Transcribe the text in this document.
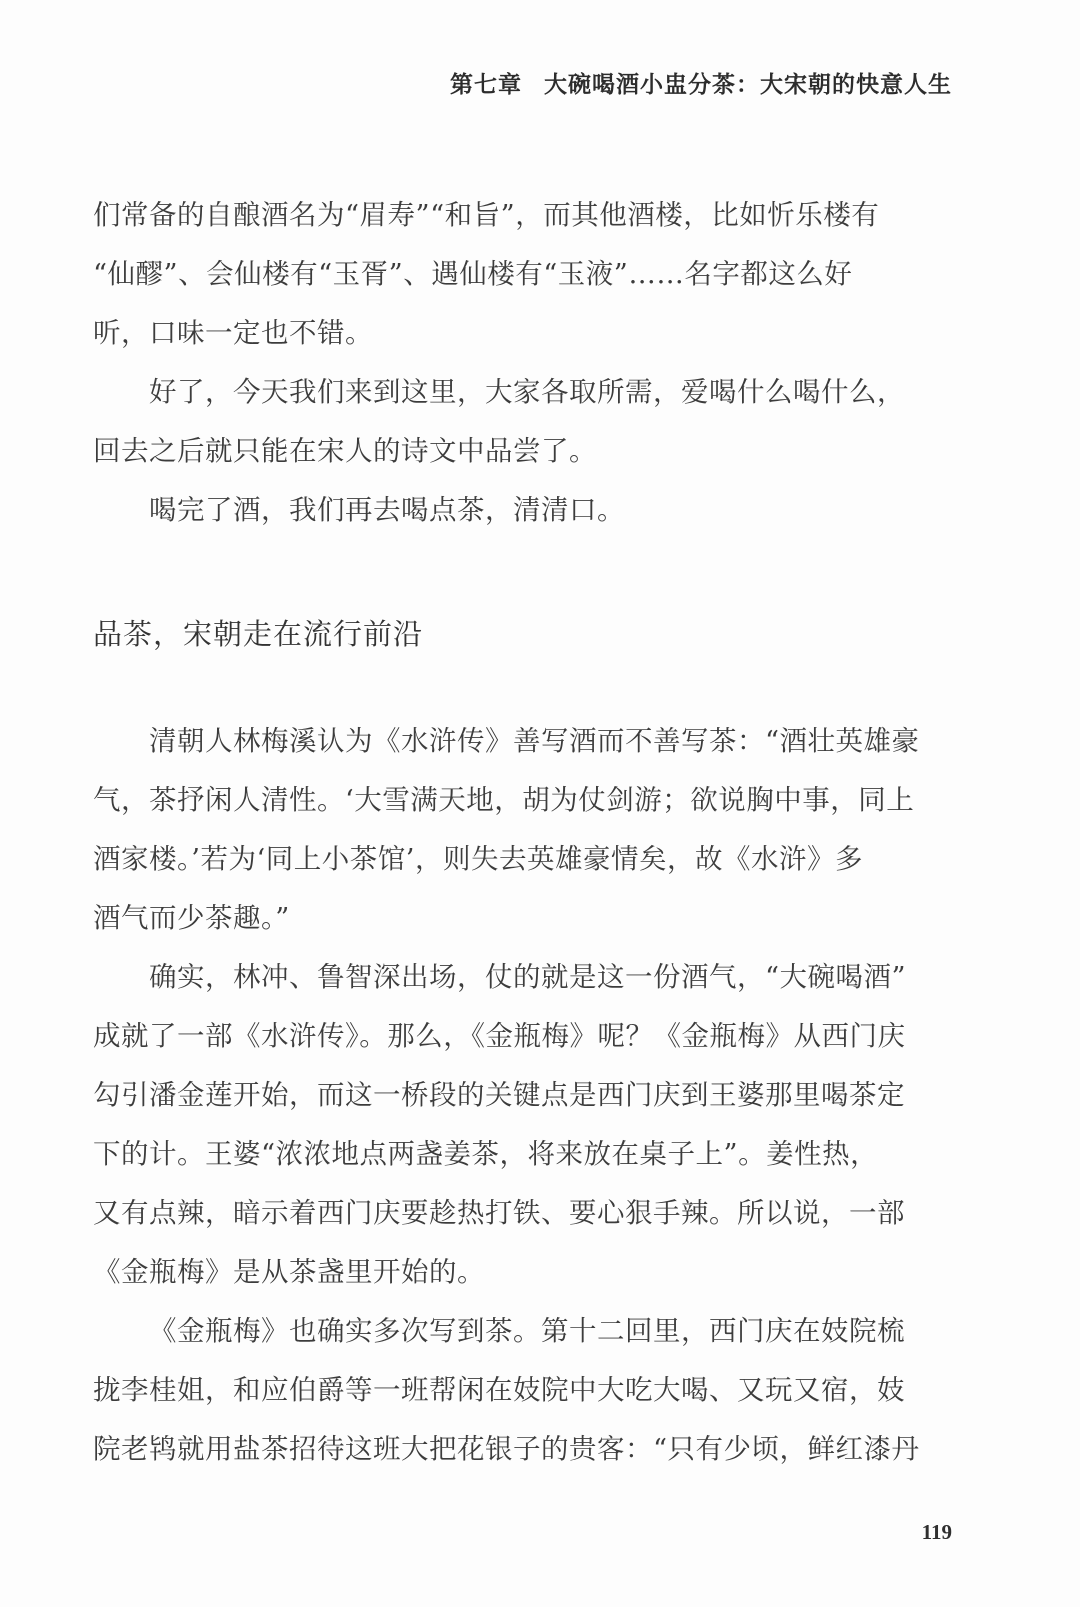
第七章 大碗喝酒小盅分茶：大宋朝的快意人生
们常备的自酿酒名为“眉寿”“和旨”，而其他酒楼，比如忻乐楼有
“仙醪”、会仙楼有“玉胥”、遇仙楼有“玉液”……名字都这么好
听，口味一定也不错。
好了，今天我们来到这里，大家各取所需，爱喝什么喝什么，
回去之后就只能在宋人的诗文中品尝了。
喝完了酒，我们再去喝点茶，清清口。
品茶，宋朝走在流行前沿
清朝人林梅溪认为《水浒传》善写酒而不善写茶：“酒壮英雄豪
气，茶抒闲人清性。‘大雪满天地，胡为仗剑游；欲说胸中事，同上
酒家楼。’若为‘同上小茶馆’，则失去英雄豪情矣，故《水浒》多
酒气而少茶趣。”
确实，林冲、鲁智深出场，仗的就是这一份酒气，“大碗喝酒”
成就了一部《水浒传》。那么，《金瓶梅》呢？《金瓶梅》从西门庆
勾引潘金莲开始，而这一桥段的关键点是西门庆到王婆那里喝茶定
下的计。王婆“浓浓地点两盏姜茶，将来放在桌子上”。姜性热，
又有点辣，暗示着西门庆要趁热打铁、要心狠手辣。所以说，一部
《金瓶梅》是从茶盏里开始的。
《金瓶梅》也确实多次写到茶。第十二回里，西门庆在妓院梳
拢李桂姐，和应伯爵等一班帮闲在妓院中大吃大喝、又玩又宿，妓
院老鸨就用盐茶招待这班大把花银子的贵客：“只有少顷，鲜红漆丹
119
